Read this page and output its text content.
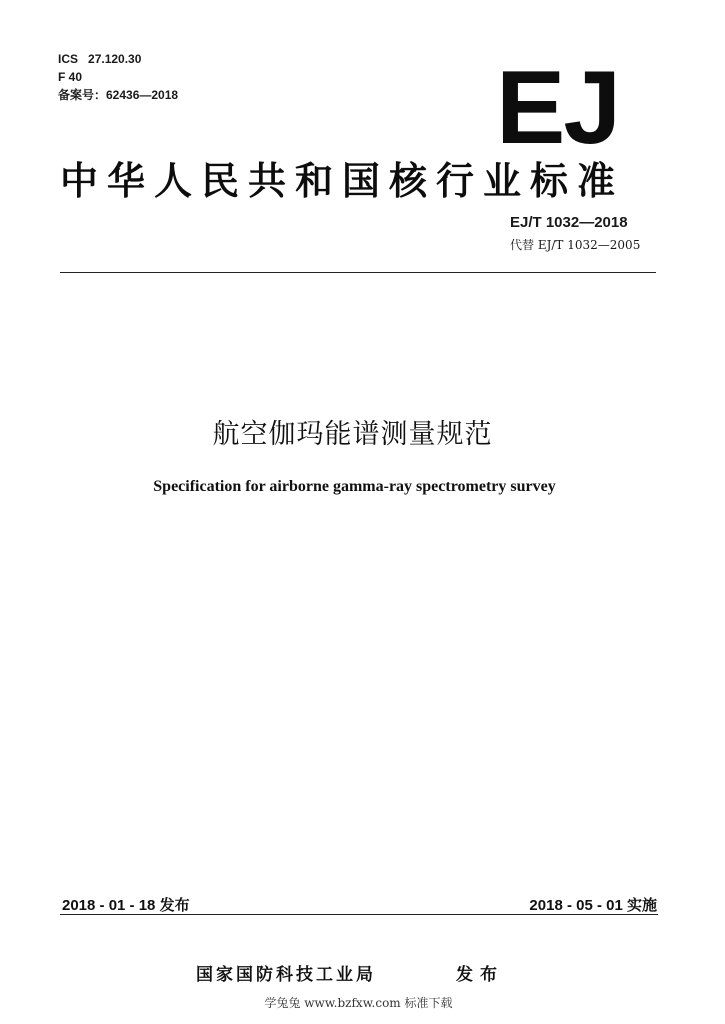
ICS 27.120.30
F 40
备案号：62436—2018	EJ
中华人民共和国核行业标准
EJ/T 1032—2018
代替 EJ/T 1032—2005
航空伽玛能谱测量规范
Specification for airborne gamma-ray spectrometry survey
2018 - 01 - 18 发布	2018 - 05 - 01 实施
国家国防科技工业局	发布
学兔兔 www.bzfxw.com 标准下载
